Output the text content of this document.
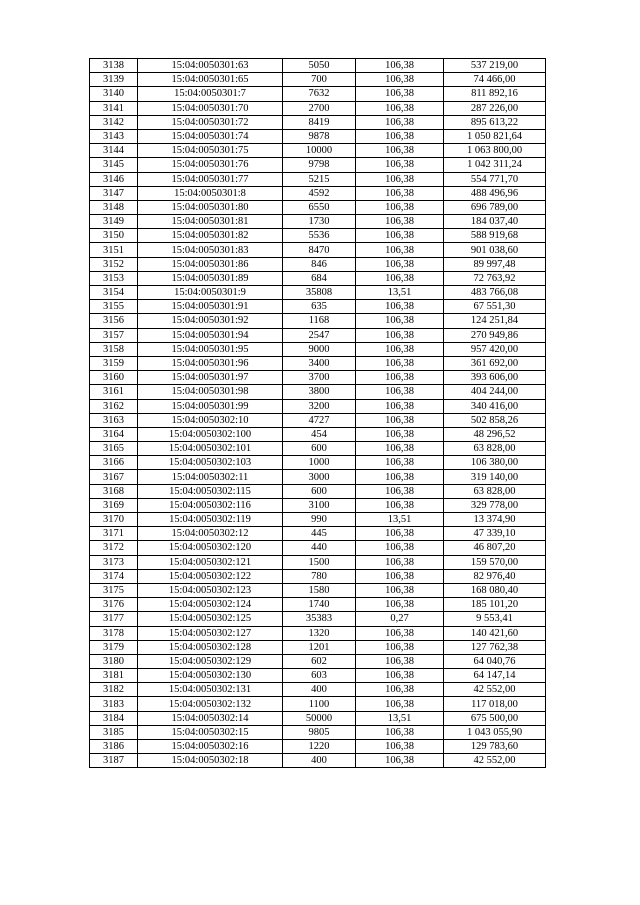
3138	15:04:0050301:63	5050	106,38	537 219,00
3139	15:04:0050301:65	700	106,38	74 466,00
3140	15:04:0050301:7	7632	106,38	811 892,16
3141	15:04:0050301:70	2700	106,38	287 226,00
3142	15:04:0050301:72	8419	106,38	895 613,22
3143	15:04:0050301:74	9878	106,38	1 050 821,64
3144	15:04:0050301:75	10000	106,38	1 063 800,00
3145	15:04:0050301:76	9798	106,38	1 042 311,24
3146	15:04:0050301:77	5215	106,38	554 771,70
3147	15:04:0050301:8	4592	106,38	488 496,96
3148	15:04:0050301:80	6550	106,38	696 789,00
3149	15:04:0050301:81	1730	106,38	184 037,40
3150	15:04:0050301:82	5536	106,38	588 919,68
3151	15:04:0050301:83	8470	106,38	901 038,60
3152	15:04:0050301:86	846	106,38	89 997,48
3153	15:04:0050301:89	684	106,38	72 763,92
3154	15:04:0050301:9	35808	13,51	483 766,08
3155	15:04:0050301:91	635	106,38	67 551,30
3156	15:04:0050301:92	1168	106,38	124 251,84
3157	15:04:0050301:94	2547	106,38	270 949,86
3158	15:04:0050301:95	9000	106,38	957 420,00
3159	15:04:0050301:96	3400	106,38	361 692,00
3160	15:04:0050301:97	3700	106,38	393 606,00
3161	15:04:0050301:98	3800	106,38	404 244,00
3162	15:04:0050301:99	3200	106,38	340 416,00
3163	15:04:0050302:10	4727	106,38	502 858,26
3164	15:04:0050302:100	454	106,38	48 296,52
3165	15:04:0050302:101	600	106,38	63 828,00
3166	15:04:0050302:103	1000	106,38	106 380,00
3167	15:04:0050302:11	3000	106,38	319 140,00
3168	15:04:0050302:115	600	106,38	63 828,00
3169	15:04:0050302:116	3100	106,38	329 778,00
3170	15:04:0050302:119	990	13,51	13 374,90
3171	15:04:0050302:12	445	106,38	47 339,10
3172	15:04:0050302:120	440	106,38	46 807,20
3173	15:04:0050302:121	1500	106,38	159 570,00
3174	15:04:0050302:122	780	106,38	82 976,40
3175	15:04:0050302:123	1580	106,38	168 080,40
3176	15:04:0050302:124	1740	106,38	185 101,20
3177	15:04:0050302:125	35383	0,27	9 553,41
3178	15:04:0050302:127	1320	106,38	140 421,60
3179	15:04:0050302:128	1201	106,38	127 762,38
3180	15:04:0050302:129	602	106,38	64 040,76
3181	15:04:0050302:130	603	106,38	64 147,14
3182	15:04:0050302:131	400	106,38	42 552,00
3183	15:04:0050302:132	1100	106,38	117 018,00
3184	15:04:0050302:14	50000	13,51	675 500,00
3185	15:04:0050302:15	9805	106,38	1 043 055,90
3186	15:04:0050302:16	1220	106,38	129 783,60
3187	15:04:0050302:18	400	106,38	42 552,00
